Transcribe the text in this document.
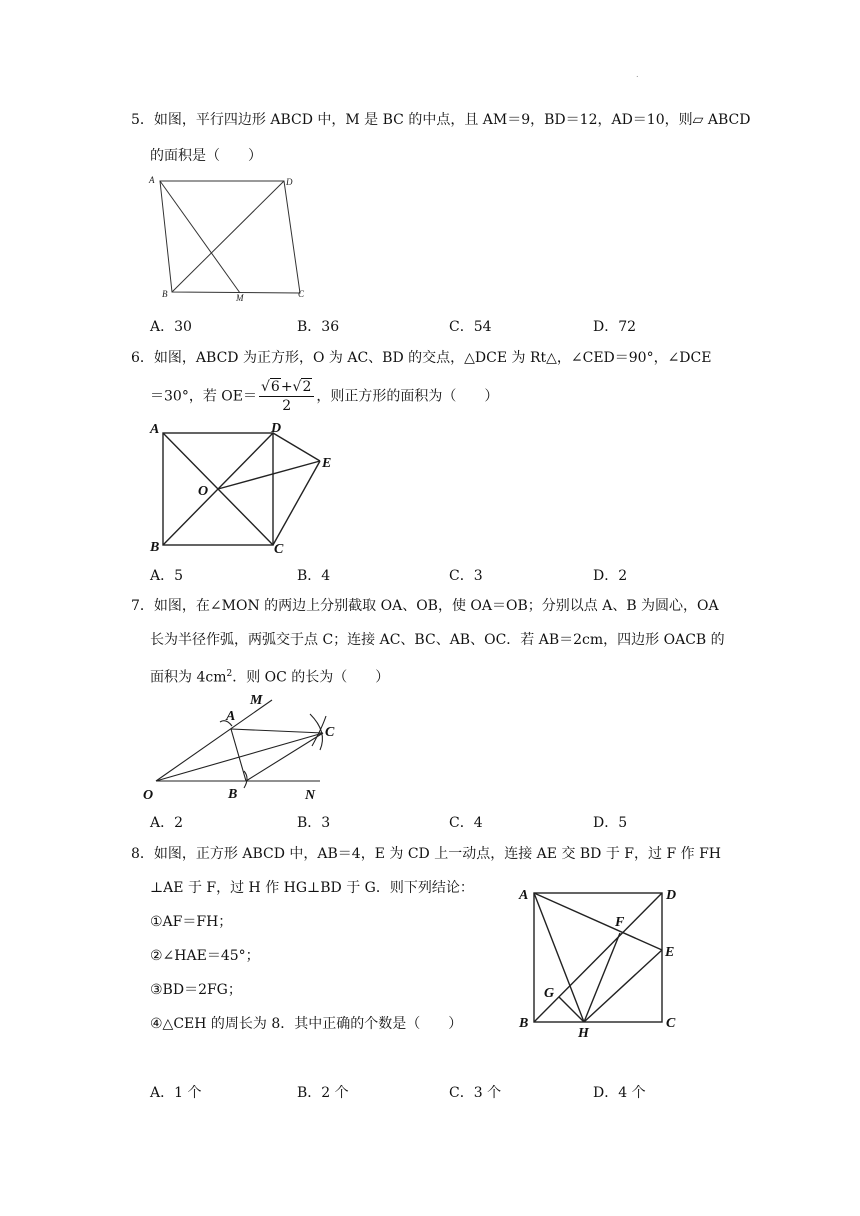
.
5．如图，平行四边形 ABCD 中，M 是 BC 的中点，且 AM＝9，BD＝12，AD＝10，则▱ ABCD
的面积是（　　）
A	D
B	M	C
A．30	B．36	C．54	D．72
6．如图，ABCD 为正方形，O 为 AC、BD 的交点，△DCE 为 Rt△，∠CED＝90°，∠DCE
＝30°，若 $OE= \frac{√6+√2}{2}$ ，则正方形的面积为（　　）
A	D
E
O
B	C
A．5	B．4	C．3	D．2
7．如图，在∠MON 的两边上分别截取 OA、OB，使 OA＝OB；分别以点 A、B 为圆心，OA
长为半径作弧，两弧交于点 C；连接 AC、BC、AB、OC．若 AB＝2cm，四边形 OACB 的
面积为 $4cm^2$．则 OC 的长为（　　）
O
A
M
C
B	N
A．2	B．3	C．4	D．5
8．如图，正方形 ABCD 中，AB＝4，E 为 CD 上一动点，连接 AE 交 BD 于 F，过 F 作 FH
⊥AE 于 F，过 H 作 HG⊥BD 于 G．则下列结论：
①AF＝FH；
②∠HAE＝45°；
③BD＝2FG；
④△CEH 的周长为 8．其中正确的个数是（　　）
A	D
F
E
G
B
H
C
A．1 个	B．2 个	C．3 个	D．4 个
